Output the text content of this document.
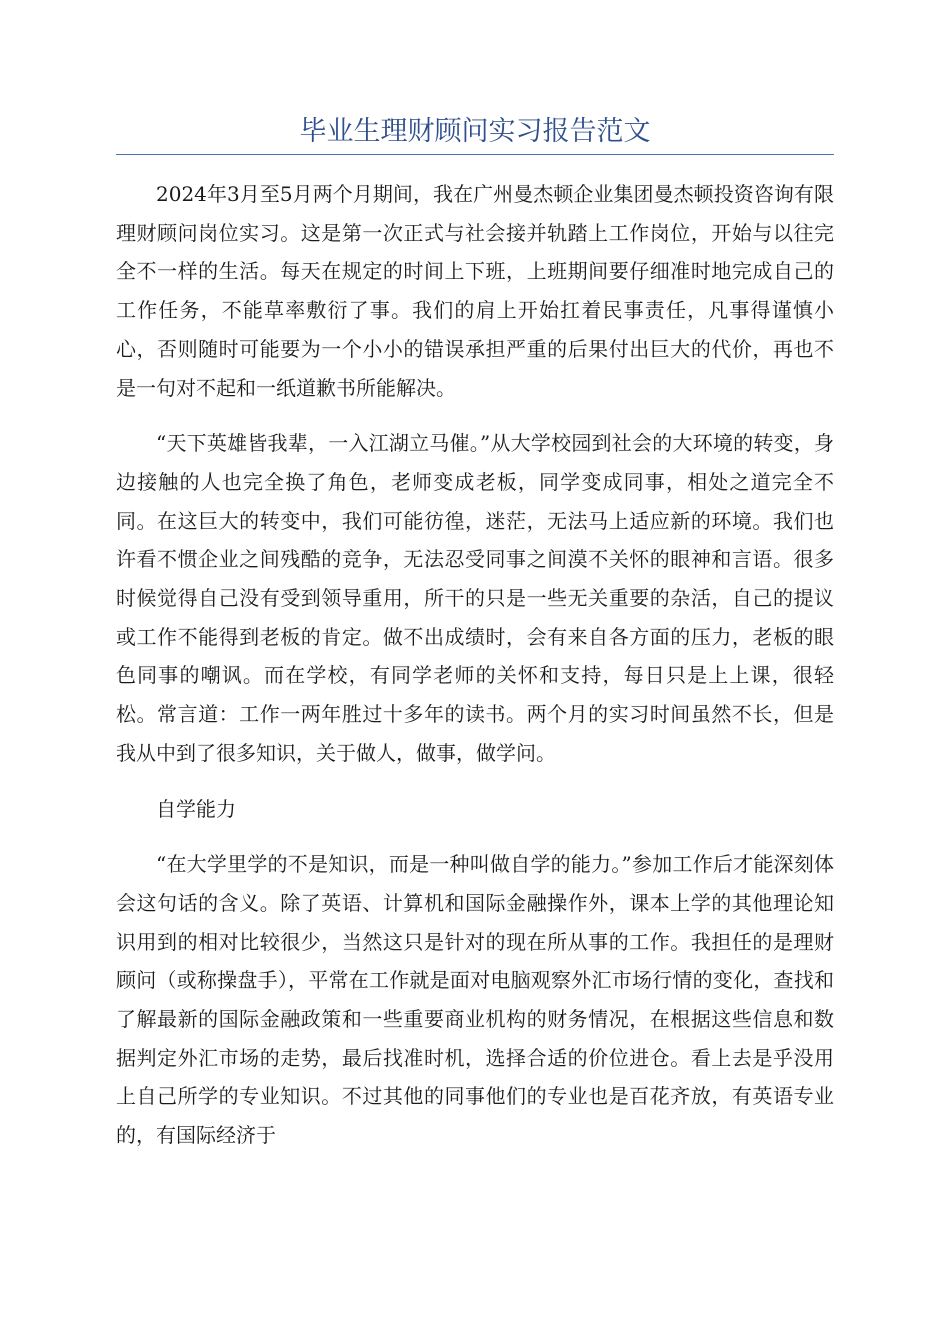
毕业生理财顾问实习报告范文

2024年3月至5月两个月期间，我在广州曼杰顿企业集团曼杰顿投资咨询有限理财顾问岗位实习。这是第一次正式与社会接并轨踏上工作岗位，开始与以往完全不一样的生活。每天在规定的时间上下班，上班期间要仔细准时地完成自己的工作任务，不能草率敷衍了事。我们的肩上开始扛着民事责任，凡事得谨慎小心，否则随时可能要为一个小小的错误承担严重的后果付出巨大的代价，再也不是一句对不起和一纸道歉书所能解决。

“天下英雄皆我辈，一入江湖立马催。”从大学校园到社会的大环境的转变，身边接触的人也完全换了角色，老师变成老板，同学变成同事，相处之道完全不同。在这巨大的转变中，我们可能彷徨，迷茫，无法马上适应新的环境。我们也许看不惯企业之间残酷的竞争，无法忍受同事之间漠不关怀的眼神和言语。很多时候觉得自己没有受到领导重用，所干的只是一些无关重要的杂活，自己的提议或工作不能得到老板的肯定。做不出成绩时，会有来自各方面的压力，老板的眼色同事的嘲讽。而在学校，有同学老师的关怀和支持，每日只是上上课，很轻松。常言道：工作一两年胜过十多年的读书。两个月的实习时间虽然不长，但是我从中到了很多知识，关于做人，做事，做学问。

自学能力

“在大学里学的不是知识，而是一种叫做自学的能力。”参加工作后才能深刻体会这句话的含义。除了英语、计算机和国际金融操作外，课本上学的其他理论知识用到的相对比较很少，当然这只是针对的现在所从事的工作。我担任的是理财顾问（或称操盘手），平常在工作就是面对电脑观察外汇市场行情的变化，查找和了解最新的国际金融政策和一些重要商业机构的财务情况，在根据这些信息和数据判定外汇市场的走势，最后找准时机，选择合适的价位进仓。看上去是乎没用上自己所学的专业知识。不过其他的同事他们的专业也是百花齐放，有英语专业的，有国际经济于
